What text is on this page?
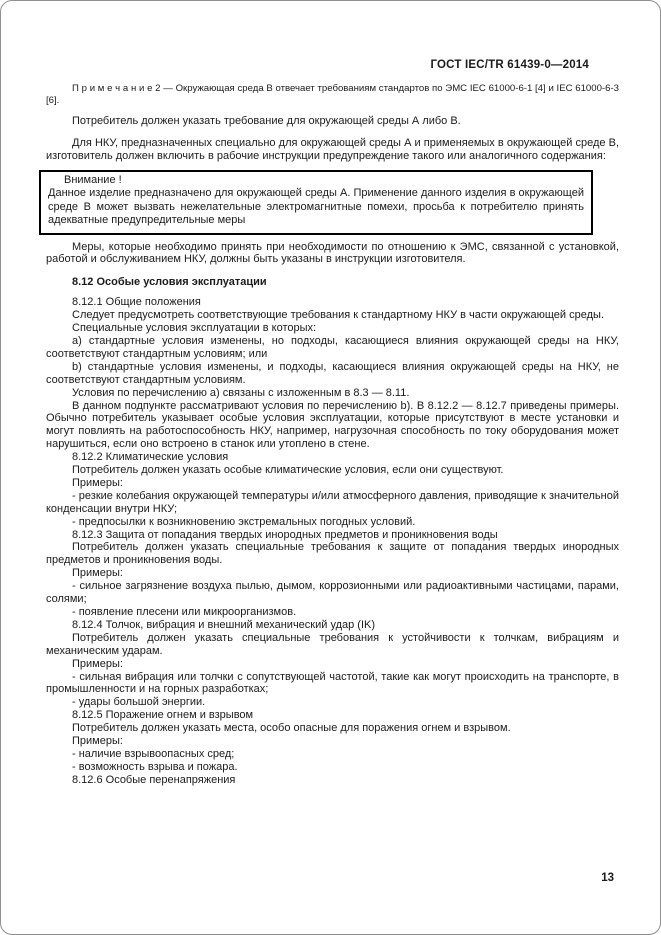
ГОСТ IEC/TR 61439-0—2014

П р и м е ч а н и е 2 — Окружающая среда В отвечает требованиям стандартов по ЭМС IEC 61000-6-1 [4] и IEC 61000-6-3 [6].

Потребитель должен указать требование для окружающей среды А либо В.

Для НКУ, предназначенных специально для окружающей среды А и применяемых в окружающей среде В, изготовитель должен включить в рабочие инструкции предупреждение такого или аналогичного содержания:

Внимание !

Данное изделие предназначено для окружающей среды А. Применение данного изделия в окружающей среде В может вызвать нежелательные электромагнитные помехи, просьба к потребителю принять адекватные предупредительные меры

Меры, которые необходимо принять при необходимости по отношению к ЭМС, связанной с установкой, работой и обслуживанием НКУ, должны быть указаны в инструкции изготовителя.

8.12 Особые условия эксплуатации

8.12.1 Общие положения

Следует предусмотреть соответствующие требования к стандартному НКУ в части окружающей среды.

Специальные условия эксплуатации в которых:

а) стандартные условия изменены, но подходы, касающиеся влияния окружающей среды на НКУ, соответствуют стандартным условиям; или

b) стандартные условия изменены, и подходы, касающиеся влияния окружающей среды на НКУ, не соответствуют стандартным условиям.

Условия по перечислению а) связаны с изложенным в 8.3 — 8.11.

В данном подпункте рассматривают условия по перечислению b). В 8.12.2 — 8.12.7 приведены примеры. Обычно потребитель указывает особые условия эксплуатации, которые присутствуют в месте установки и могут повлиять на работоспособность НКУ, например, нагрузочная способность по току оборудования может нарушиться, если оно встроено в станок или утоплено в стене.

8.12.2 Климатические условия

Потребитель должен указать особые климатические условия, если они существуют.

Примеры:

- резкие колебания окружающей температуры и/или атмосферного давления, приводящие к значительной конденсации внутри НКУ;

- предпосылки к возникновению экстремальных погодных условий.

8.12.3 Защита от попадания твердых инородных предметов и проникновения воды

Потребитель должен указать специальные требования к защите от попадания твердых инородных предметов и проникновения воды.

Примеры:

- сильное загрязнение воздуха пылью, дымом, коррозионными или радиоактивными частицами, парами, солями;

- появление плесени или микроорганизмов.

8.12.4 Толчок, вибрация и внешний механический удар (IK)

Потребитель должен указать специальные требования к устойчивости к толчкам, вибрациям и механическим ударам.

Примеры:

- сильная вибрация или толчки с сопутствующей частотой, такие как могут происходить на транспорте, в промышленности и на горных разработках;

- удары большой энергии.

8.12.5 Поражение огнем и взрывом

Потребитель должен указать места, особо опасные для поражения огнем и взрывом.

Примеры:

- наличие взрывоопасных сред;

- возможность взрыва и пожара.

8.12.6 Особые перенапряжения

13
